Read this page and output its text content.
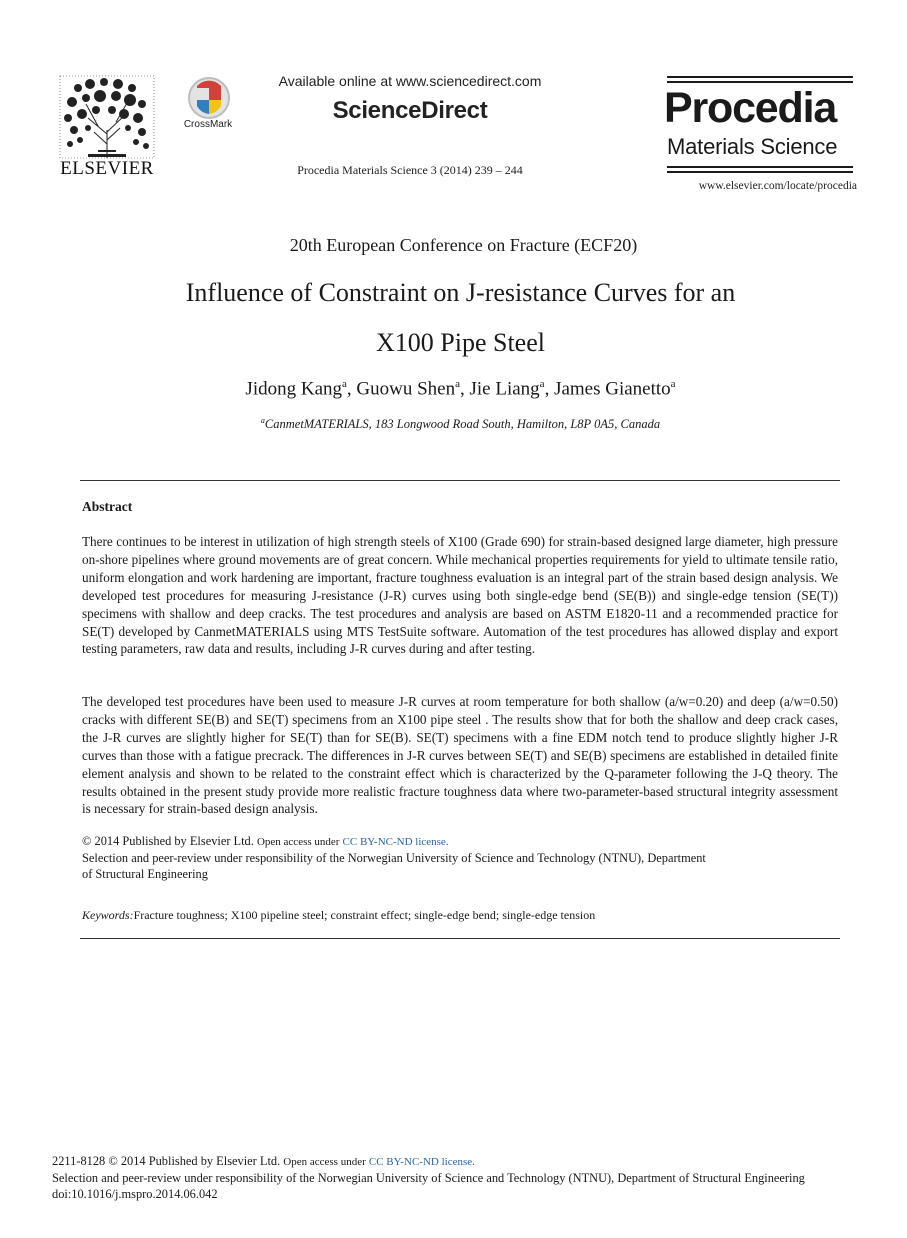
ELSEVIER
CrossMark
Available online at www.sciencedirect.com
ScienceDirect
Procedia Materials Science 3 (2014) 239 – 244
Procedia
Materials Science
www.elsevier.com/locate/procedia
20th European Conference on Fracture (ECF20)
Influence of Constraint on J-resistance Curves for an
X100 Pipe Steel
Jidong Kang$^a$, Guowu Shen$^a$, Jie Liang$^a$, James Gianetto$^a$
$^a$CanmetMATERIALS, 183 Longwood Road South, Hamilton, L8P 0A5, Canada
Abstract
There continues to be interest in utilization of high strength steels of X100 (Grade 690) for strain-based designed large diameter, high pressure on-shore pipelines where ground movements are of great concern. While mechanical properties requirements for yield to ultimate tensile ratio, uniform elongation and work hardening are important, fracture toughness evaluation is an integral part of the strain based design analysis. We developed test procedures for measuring J-resistance (J-R) curves using both single-edge bend (SE(B)) and single-edge tension (SE(T)) specimens with shallow and deep cracks. The test procedures and analysis are based on ASTM E1820-11 and a recommended practice for SE(T) developed by CanmetMATERIALS using MTS TestSuite software. Automation of the test procedures has allowed display and export testing parameters, raw data and results, including J-R curves during and after testing.
The developed test procedures have been used to measure J-R curves at room temperature for both shallow (a/w=0.20) and deep (a/w=0.50) cracks with different SE(B) and SE(T) specimens from an X100 pipe steel . The results show that for both the shallow and deep crack cases, the J-R curves are slightly higher for SE(T) than for SE(B). SE(T) specimens with a fine EDM notch tend to produce slightly higher J-R curves than those with a fatigue precrack. The differences in J-R curves between SE(T) and SE(B) specimens are established in detailed finite element analysis and shown to be related to the constraint effect which is characterized by the Q-parameter following the J-Q theory. The results obtained in the present study provide more realistic fracture toughness data where two-parameter-based structural integrity assessment is necessary for strain-based design analysis.
© 2014 Published by Elsevier Ltd. Open access under CC BY-NC-ND license.
Selection and peer-review under responsibility of the Norwegian University of Science and Technology (NTNU), Department
of Structural Engineering
Keywords:Fracture toughness; X100 pipeline steel; constraint effect; single-edge bend; single-edge tension
2211-8128 © 2014 Published by Elsevier Ltd. Open access under CC BY-NC-ND license.
Selection and peer-review under responsibility of the Norwegian University of Science and Technology (NTNU), Department of Structural Engineering
doi:10.1016/j.mspro.2014.06.042
